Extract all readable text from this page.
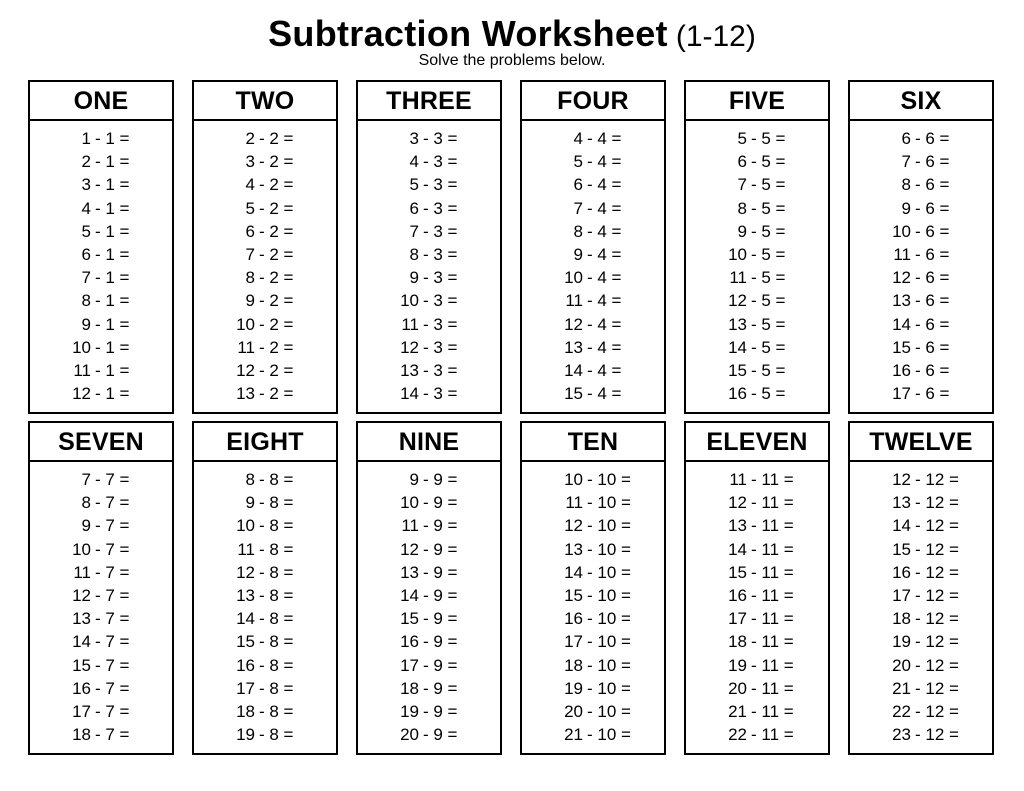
Subtraction Worksheet (1-12)
Solve the problems below.
ONE
1 - 1 =
2 - 1 =
3 - 1 =
4 - 1 =
5 - 1 =
6 - 1 =
7 - 1 =
8 - 1 =
9 - 1 =
10 - 1 =
11 - 1 =
12 - 1 =
TWO
2 - 2 =
3 - 2 =
4 - 2 =
5 - 2 =
6 - 2 =
7 - 2 =
8 - 2 =
9 - 2 =
10 - 2 =
11 - 2 =
12 - 2 =
13 - 2 =
THREE
3 - 3 =
4 - 3 =
5 - 3 =
6 - 3 =
7 - 3 =
8 - 3 =
9 - 3 =
10 - 3 =
11 - 3 =
12 - 3 =
13 - 3 =
14 - 3 =
FOUR
4 - 4 =
5 - 4 =
6 - 4 =
7 - 4 =
8 - 4 =
9 - 4 =
10 - 4 =
11 - 4 =
12 - 4 =
13 - 4 =
14 - 4 =
15 - 4 =
FIVE
5 - 5 =
6 - 5 =
7 - 5 =
8 - 5 =
9 - 5 =
10 - 5 =
11 - 5 =
12 - 5 =
13 - 5 =
14 - 5 =
15 - 5 =
16 - 5 =
SIX
6 - 6 =
7 - 6 =
8 - 6 =
9 - 6 =
10 - 6 =
11 - 6 =
12 - 6 =
13 - 6 =
14 - 6 =
15 - 6 =
16 - 6 =
17 - 6 =
SEVEN
7 - 7 =
8 - 7 =
9 - 7 =
10 - 7 =
11 - 7 =
12 - 7 =
13 - 7 =
14 - 7 =
15 - 7 =
16 - 7 =
17 - 7 =
18 - 7 =
EIGHT
8 - 8 =
9 - 8 =
10 - 8 =
11 - 8 =
12 - 8 =
13 - 8 =
14 - 8 =
15 - 8 =
16 - 8 =
17 - 8 =
18 - 8 =
19 - 8 =
NINE
9 - 9 =
10 - 9 =
11 - 9 =
12 - 9 =
13 - 9 =
14 - 9 =
15 - 9 =
16 - 9 =
17 - 9 =
18 - 9 =
19 - 9 =
20 - 9 =
TEN
10 - 10 =
11 - 10 =
12 - 10 =
13 - 10 =
14 - 10 =
15 - 10 =
16 - 10 =
17 - 10 =
18 - 10 =
19 - 10 =
20 - 10 =
21 - 10 =
ELEVEN
11 - 11 =
12 - 11 =
13 - 11 =
14 - 11 =
15 - 11 =
16 - 11 =
17 - 11 =
18 - 11 =
19 - 11 =
20 - 11 =
21 - 11 =
22 - 11 =
TWELVE
12 - 12 =
13 - 12 =
14 - 12 =
15 - 12 =
16 - 12 =
17 - 12 =
18 - 12 =
19 - 12 =
20 - 12 =
21 - 12 =
22 - 12 =
23 - 12 =
